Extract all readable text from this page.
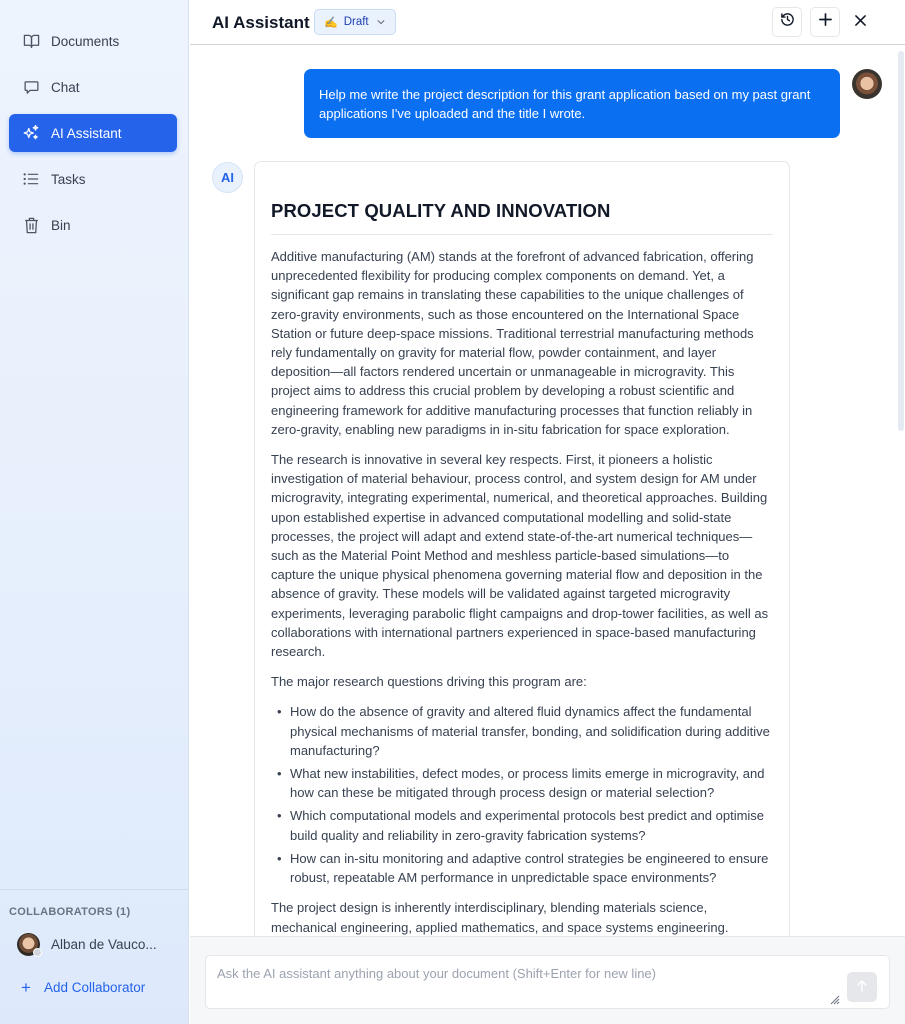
Documents
Chat
AI Assistant
Tasks
Bin
COLLABORATORS (1)
Alban de Vauco...
+ Add Collaborator
AI Assistant ✍️ Draft
Help me write the project description for this grant application based on my past grant applications I've uploaded and the title I wrote.
AI
PROJECT QUALITY AND INNOVATION

Additive manufacturing (AM) stands at the forefront of advanced fabrication, offering unprecedented flexibility for producing complex components on demand. Yet, a significant gap remains in translating these capabilities to the unique challenges of zero-gravity environments, such as those encountered on the International Space Station or future deep-space missions. Traditional terrestrial manufacturing methods rely fundamentally on gravity for material flow, powder containment, and layer deposition—all factors rendered uncertain or unmanageable in microgravity. This project aims to address this crucial problem by developing a robust scientific and engineering framework for additive manufacturing processes that function reliably in zero-gravity, enabling new paradigms in in-situ fabrication for space exploration.

The research is innovative in several key respects. First, it pioneers a holistic investigation of material behaviour, process control, and system design for AM under microgravity, integrating experimental, numerical, and theoretical approaches. Building upon established expertise in advanced computational modelling and solid-state processes, the project will adapt and extend state-of-the-art numerical techniques—such as the Material Point Method and meshless particle-based simulations—to capture the unique physical phenomena governing material flow and deposition in the absence of gravity. These models will be validated against targeted microgravity experiments, leveraging parabolic flight campaigns and drop-tower facilities, as well as collaborations with international partners experienced in space-based manufacturing research.

The major research questions driving this program are:

• How do the absence of gravity and altered fluid dynamics affect the fundamental physical mechanisms of material transfer, bonding, and solidification during additive manufacturing?
• What new instabilities, defect modes, or process limits emerge in microgravity, and how can these be mitigated through process design or material selection?
• Which computational models and experimental protocols best predict and optimise build quality and reliability in zero-gravity fabrication systems?
• How can in-situ monitoring and adaptive control strategies be engineered to ensure robust, repeatable AM performance in unpredictable space environments?

The project design is inherently interdisciplinary, blending materials science, mechanical engineering, applied mathematics, and space systems engineering.

Ask the AI assistant anything about your document (Shift+Enter for new line)
